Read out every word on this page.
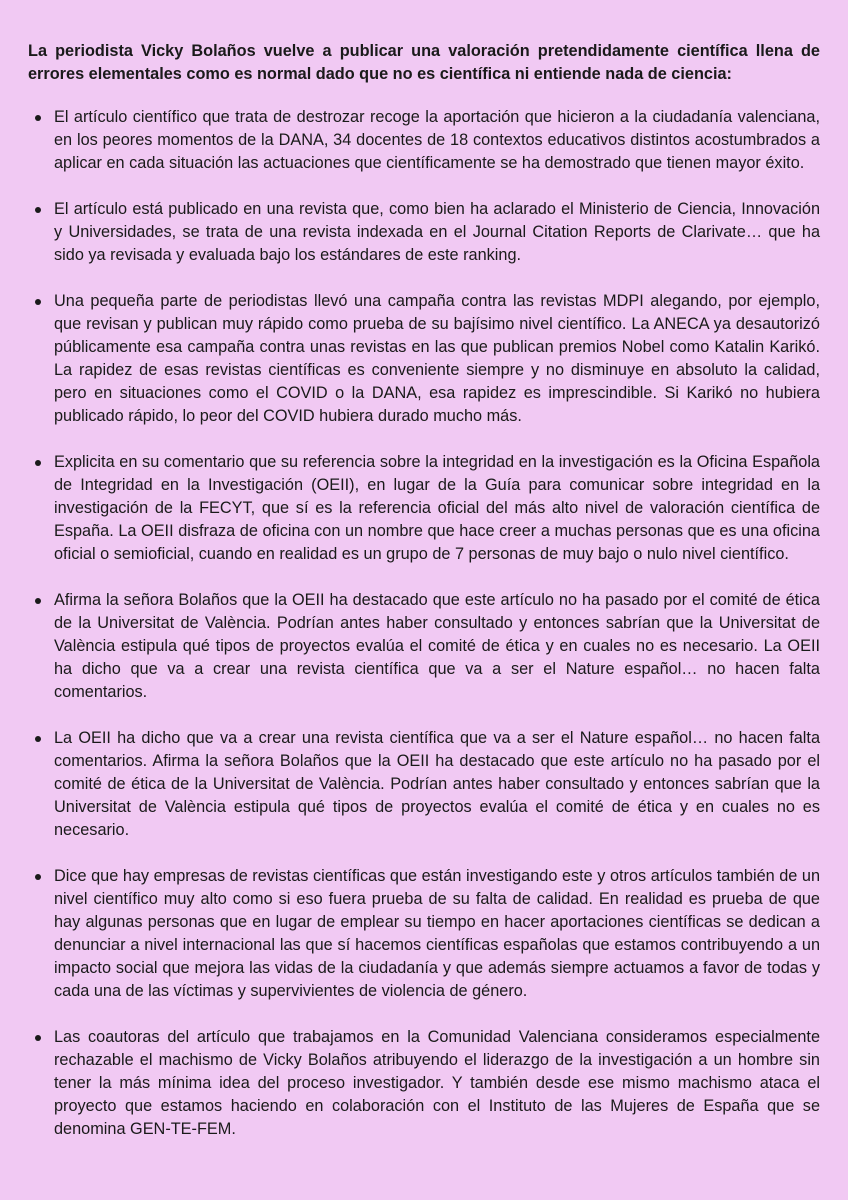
La periodista Vicky Bolaños vuelve a publicar una valoración pretendidamente científica llena de errores elementales como es normal dado que no es científica ni entiende nada de ciencia:

El artículo científico que trata de destrozar recoge la aportación que hicieron a la ciudadanía valenciana, en los peores momentos de la DANA, 34 docentes de 18 contextos educativos distintos acostumbrados a aplicar en cada situación las actuaciones que científicamente se ha demostrado que tienen mayor éxito.
El artículo está publicado en una revista que, como bien ha aclarado el Ministerio de Ciencia, Innovación y Universidades, se trata de una revista indexada en el Journal Citation Reports de Clarivate… que ha sido ya revisada y evaluada bajo los estándares de este ranking.
Una pequeña parte de periodistas llevó una campaña contra las revistas MDPI alegando, por ejemplo, que revisan y publican muy rápido como prueba de su bajísimo nivel científico. La ANECA ya desautorizó públicamente esa campaña contra unas revistas en las que publican premios Nobel como Katalin Karikó. La rapidez de esas revistas científicas es conveniente siempre y no disminuye en absoluto la calidad, pero en situaciones como el COVID o la DANA, esa rapidez es imprescindible. Si Karikó no hubiera publicado rápido, lo peor del COVID hubiera durado mucho más.
Explicita en su comentario que su referencia sobre la integridad en la investigación es la Oficina Española de Integridad en la Investigación (OEII), en lugar de la Guía para comunicar sobre integridad en la investigación de la FECYT, que sí es la referencia oficial del más alto nivel de valoración científica de España. La OEII disfraza de oficina con un nombre que hace creer a muchas personas que es una oficina oficial o semioficial, cuando en realidad es un grupo de 7 personas de muy bajo o nulo nivel científico.
Afirma la señora Bolaños que la OEII ha destacado que este artículo no ha pasado por el comité de ética de la Universitat de València. Podrían antes haber consultado y entonces sabrían que la Universitat de València estipula qué tipos de proyectos evalúa el comité de ética y en cuales no es necesario. La OEII ha dicho que va a crear una revista científica que va a ser el Nature español… no hacen falta comentarios.
La OEII ha dicho que va a crear una revista científica que va a ser el Nature español… no hacen falta comentarios. Afirma la señora Bolaños que la OEII ha destacado que este artículo no ha pasado por el comité de ética de la Universitat de València. Podrían antes haber consultado y entonces sabrían que la Universitat de València estipula qué tipos de proyectos evalúa el comité de ética y en cuales no es necesario.
Dice que hay empresas de revistas científicas que están investigando este y otros artículos también de un nivel científico muy alto como si eso fuera prueba de su falta de calidad. En realidad es prueba de que hay algunas personas que en lugar de emplear su tiempo en hacer aportaciones científicas se dedican a denunciar a nivel internacional las que sí hacemos científicas españolas que estamos contribuyendo a un impacto social que mejora las vidas de la ciudadanía y que además siempre actuamos a favor de todas y cada una de las víctimas y supervivientes de violencia de género.
Las coautoras del artículo que trabajamos en la Comunidad Valenciana consideramos especialmente rechazable el machismo de Vicky Bolaños atribuyendo el liderazgo de la investigación a un hombre sin tener la más mínima idea del proceso investigador. Y también desde ese mismo machismo ataca el proyecto que estamos haciendo en colaboración con el Instituto de las Mujeres de España que se denomina GEN-TE-FEM.
